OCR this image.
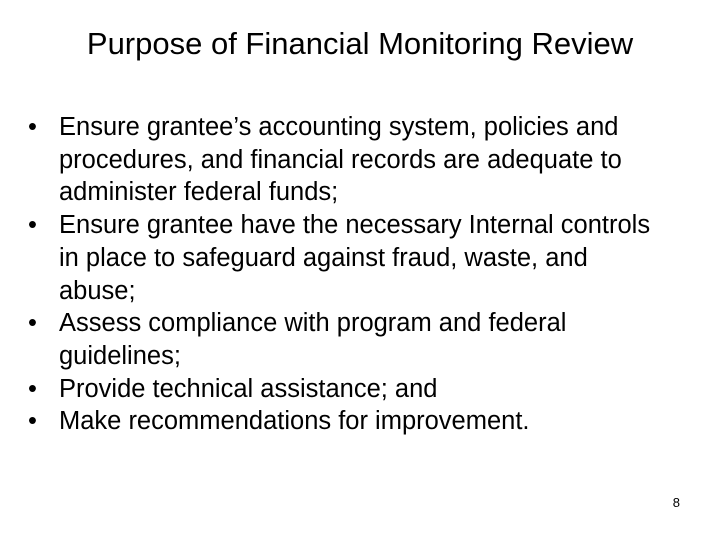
Purpose of Financial Monitoring Review
• Ensure grantee’s accounting system, policies and procedures, and financial records are adequate to administer federal funds;
• Ensure grantee have the necessary Internal controls in place to safeguard against fraud, waste, and abuse;
• Assess compliance with program and federal guidelines;
• Provide technical assistance; and
• Make recommendations for improvement.
8
